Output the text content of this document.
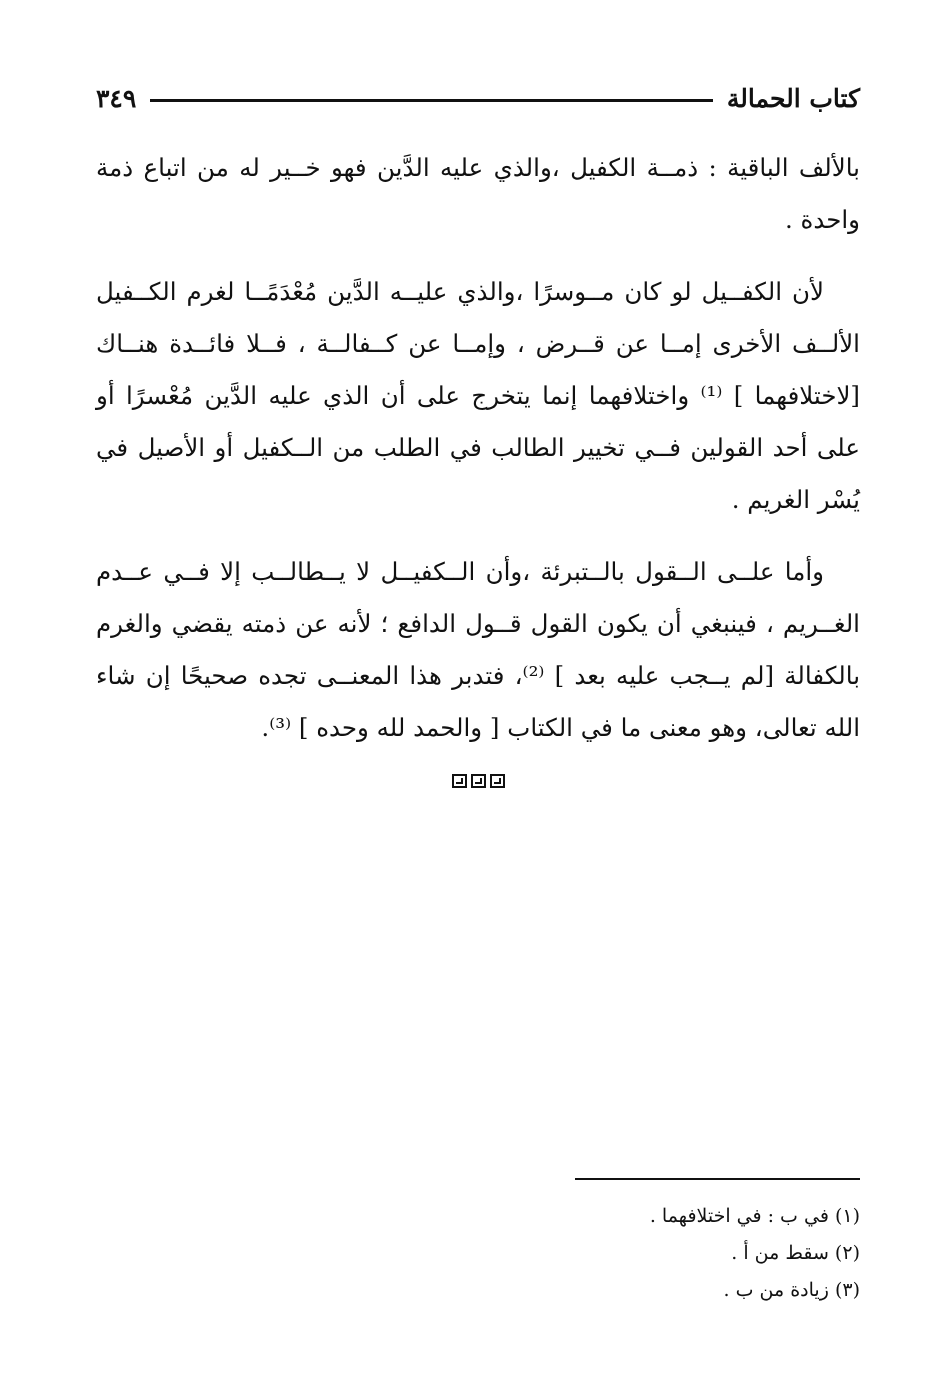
كتاب الحمالة
٣٤٩

بالألف الباقية : ذمــة الكفيل ،والذي عليه الدَّين فهو خــير له من اتباع ذمة واحدة .

لأن الكفــيل لو كان مــوسرًا ،والذي عليــه الدَّين مُعْدَمًــا لغرم الكــفيل الألــف الأخرى إمــا عن قــرض ، وإمــا عن كــفالــة ، فــلا فائــدة هنــاك [لاختلافهما ] ⁽¹⁾ واختلافهما إنما يتخرج على أن الذي عليه الدَّين مُعْسرًا أو على أحد القولين فــي تخيير الطالب في الطلب من الــكفيل أو الأصيل في يُسْر الغريم .

وأما علــى الــقول بالــتبرئة ،وأن الــكفيــل لا يــطالــب إلا فــي عــدم الغــريم ، فينبغي أن يكون القول قــول الدافع ؛ لأنه عن ذمته يقضي والغرم بالكفالة [لم يــجب عليه بعد ] ⁽²⁾، فتدبر هذا المعنــى تجده صحيحًا إن شاء الله تعالى، وهو معنى ما في الكتاب [ والحمد لله وحده ] ⁽³⁾.

(١) في ب : في اختلافهما .

(٢) سقط من أ .

(٣) زيادة من ب .
